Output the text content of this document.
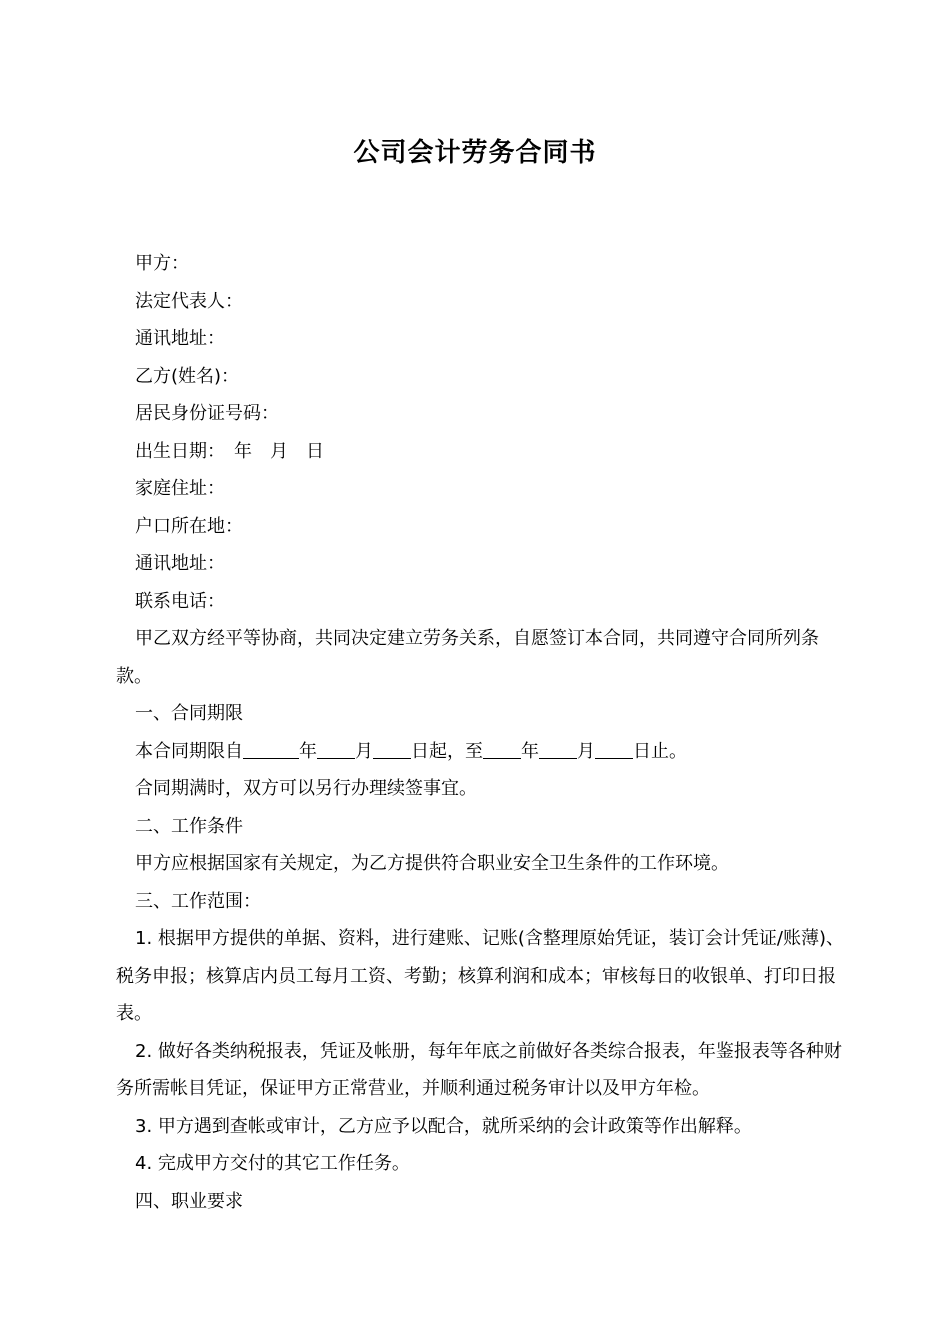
公司会计劳务合同书

甲方：

法定代表人：

通讯地址：

乙方(姓名)：

居民身份证号码：

出生日期：　年　月　日

家庭住址：

户口所在地：

通讯地址：

联系电话：

甲乙双方经平等协商，共同决定建立劳务关系，自愿签订本合同，共同遵守合同所列条款。

一、合同期限

本合同期限自	年 月 日起，至 年 月 日止。

合同期满时，双方可以另行办理续签事宜。

二、工作条件

甲方应根据国家有关规定，为乙方提供符合职业安全卫生条件的工作环境。

三、工作范围：

1. 根据甲方提供的单据、资料，进行建账、记账(含整理原始凭证，装订会计凭证/账薄)、税务申报；核算店内员工每月工资、考勤；核算利润和成本；审核每日的收银单、打印日报表。

2. 做好各类纳税报表，凭证及帐册，每年年底之前做好各类综合报表，年鉴报表等各种财务所需帐目凭证，保证甲方正常营业，并顺利通过税务审计以及甲方年检。

3. 甲方遇到查帐或审计，乙方应予以配合，就所采纳的会计政策等作出解释。

4. 完成甲方交付的其它工作任务。

四、职业要求
